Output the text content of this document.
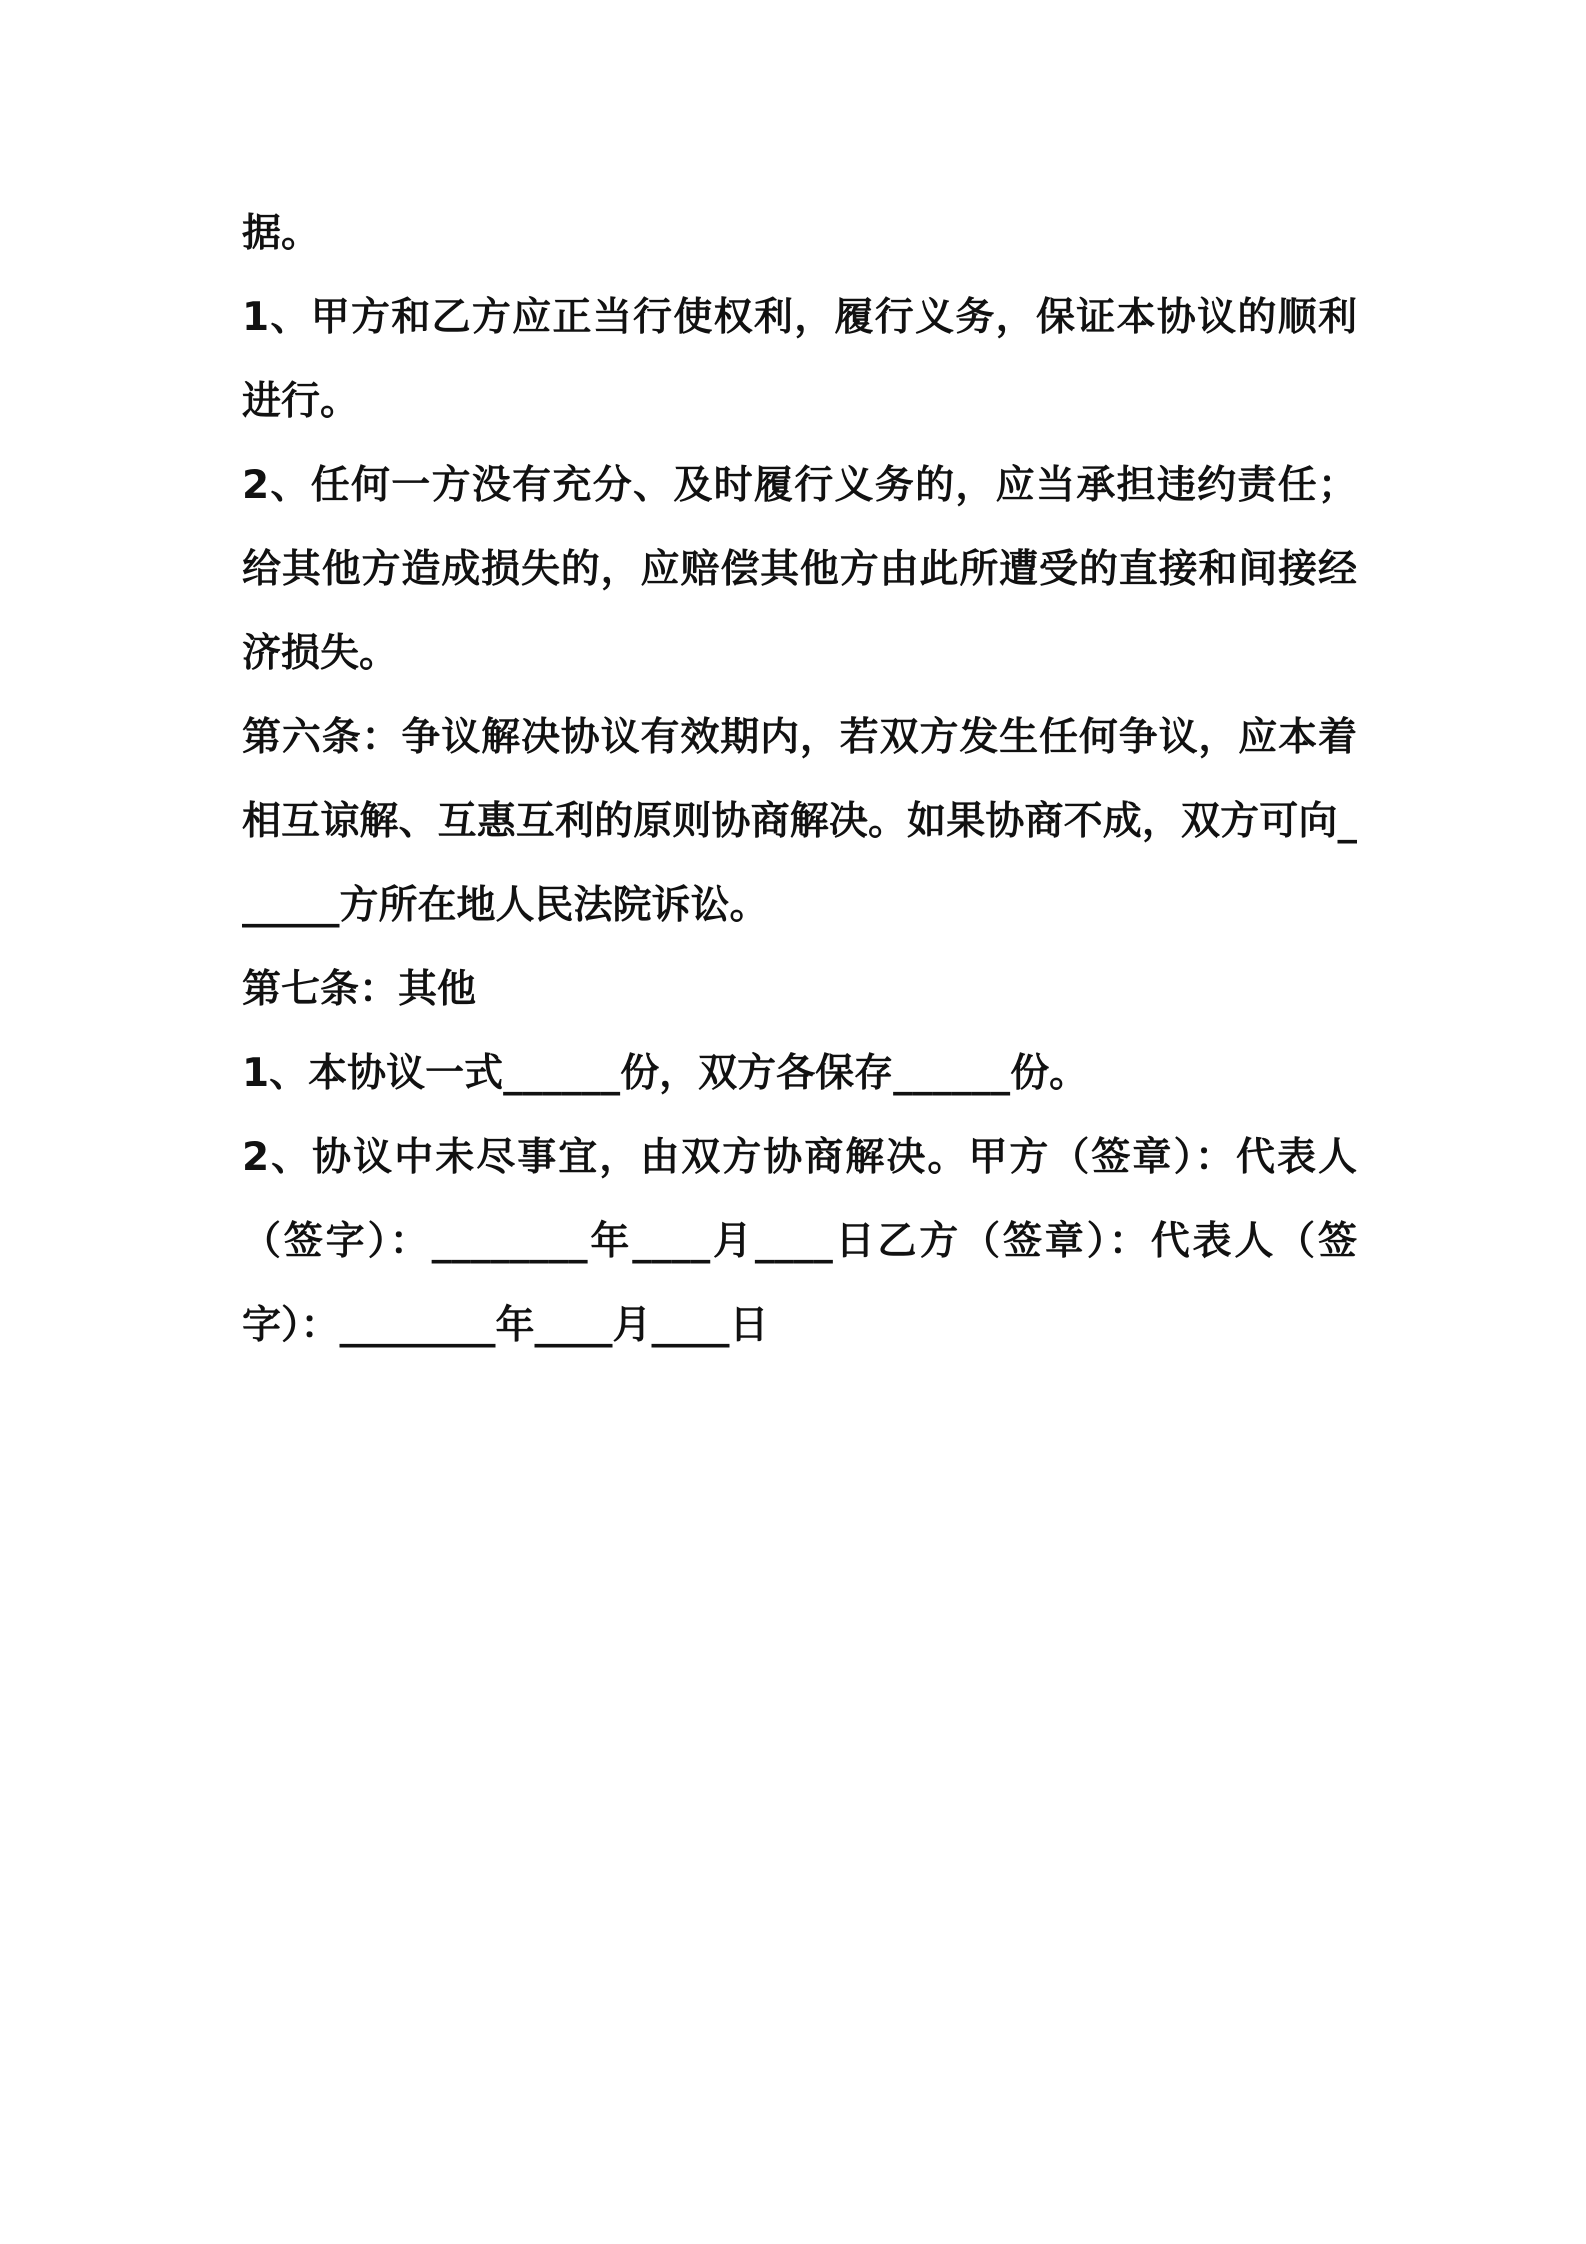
据。

1、甲方和乙方应正当行使权利，履行义务，保证本协议的顺利进行。

2、任何一方没有充分、及时履行义务的，应当承担违约责任；给其他方造成损失的，应赔偿其他方由此所遭受的直接和间接经济损失。

第六条：争议解决协议有效期内，若双方发生任何争议，应本着相互谅解、互惠互利的原则协商解决。如果协商不成，双方可向______方所在地人民法院诉讼。

第七条：其他

1、本协议一式______份，双方各保存______份。

2、协议中未尽事宜，由双方协商解决。甲方（签章）：代表人（签字）：________年____月____日乙方（签章）：代表人（签字）：________年____月____日
